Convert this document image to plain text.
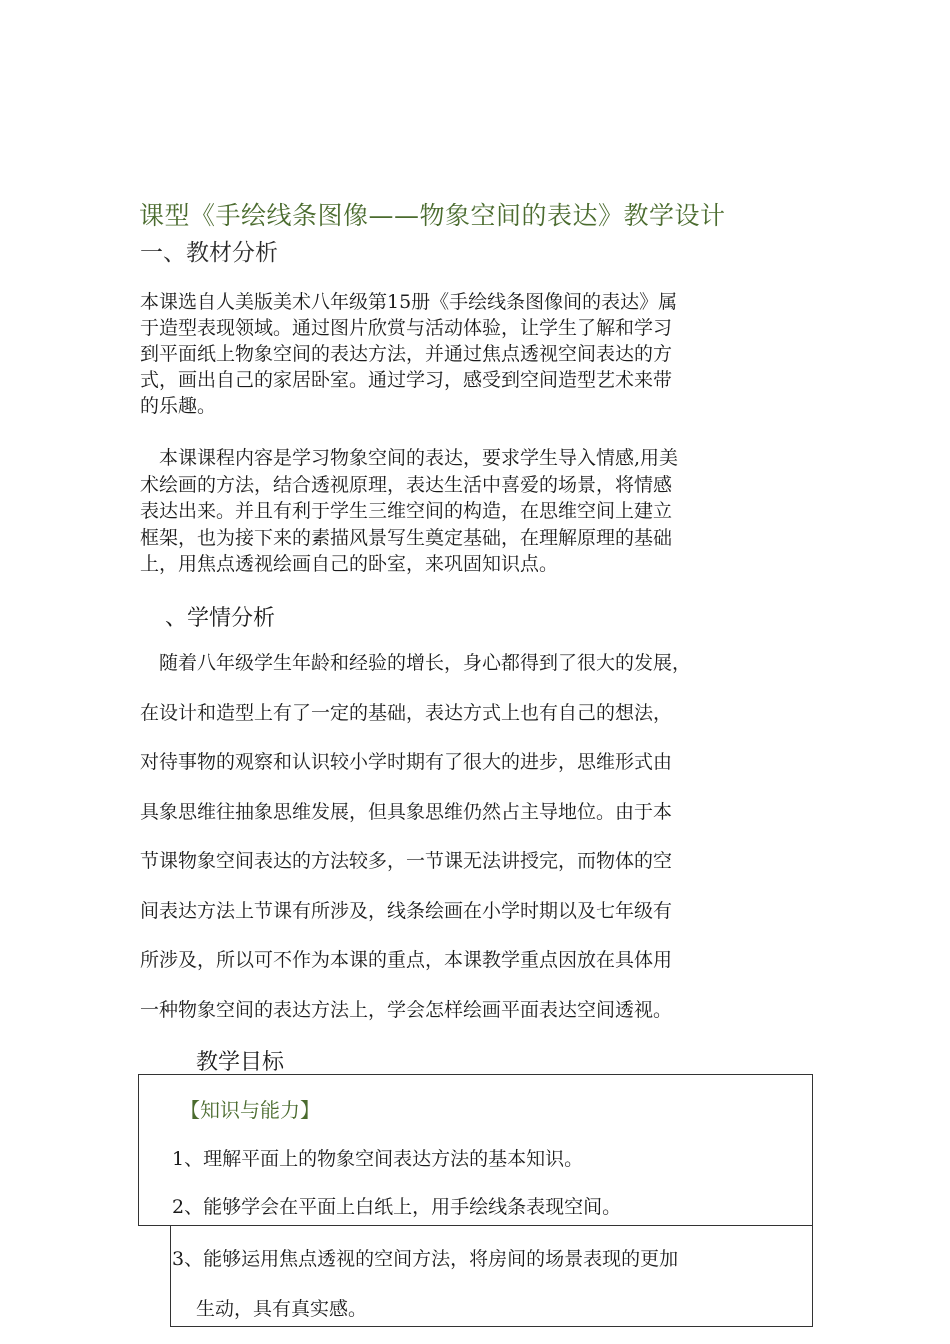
课型《手绘线条图像——物象空间的表达》教学设计
一、教材分析
本课选自人美版美术八年级第15册《手绘线条图像间的表达》属
于造型表现领域。通过图片欣赏与活动体验，让学生了解和学习
到平面纸上物象空间的表达方法，并通过焦点透视空间表达的方
式，画出自己的家居卧室。通过学习，感受到空间造型艺术来带
的乐趣。
　本课课程内容是学习物象空间的表达，要求学生导入情感,用美
术绘画的方法，结合透视原理，表达生活中喜爱的场景，将情感
表达出来。并且有利于学生三维空间的构造，在思维空间上建立
框架，也为接下来的素描风景写生奠定基础，在理解原理的基础
上，用焦点透视绘画自己的卧室，来巩固知识点。
、学情分析
　随着八年级学生年龄和经验的增长，身心都得到了很大的发展，
在设计和造型上有了一定的基础，表达方式上也有自己的想法，
对待事物的观察和认识较小学时期有了很大的进步，思维形式由
具象思维往抽象思维发展，但具象思维仍然占主导地位。由于本
节课物象空间表达的方法较多，一节课无法讲授完，而物体的空
间表达方法上节课有所涉及，线条绘画在小学时期以及七年级有
所涉及，所以可不作为本课的重点，本课教学重点因放在具体用
一种物象空间的表达方法上，学会怎样绘画平面表达空间透视。
教学目标
【知识与能力】
1、理解平面上的物象空间表达方法的基本知识。
2、能够学会在平面上白纸上，用手绘线条表现空间。
3、能够运用焦点透视的空间方法，将房间的场景表现的更加
生动，具有真实感。
